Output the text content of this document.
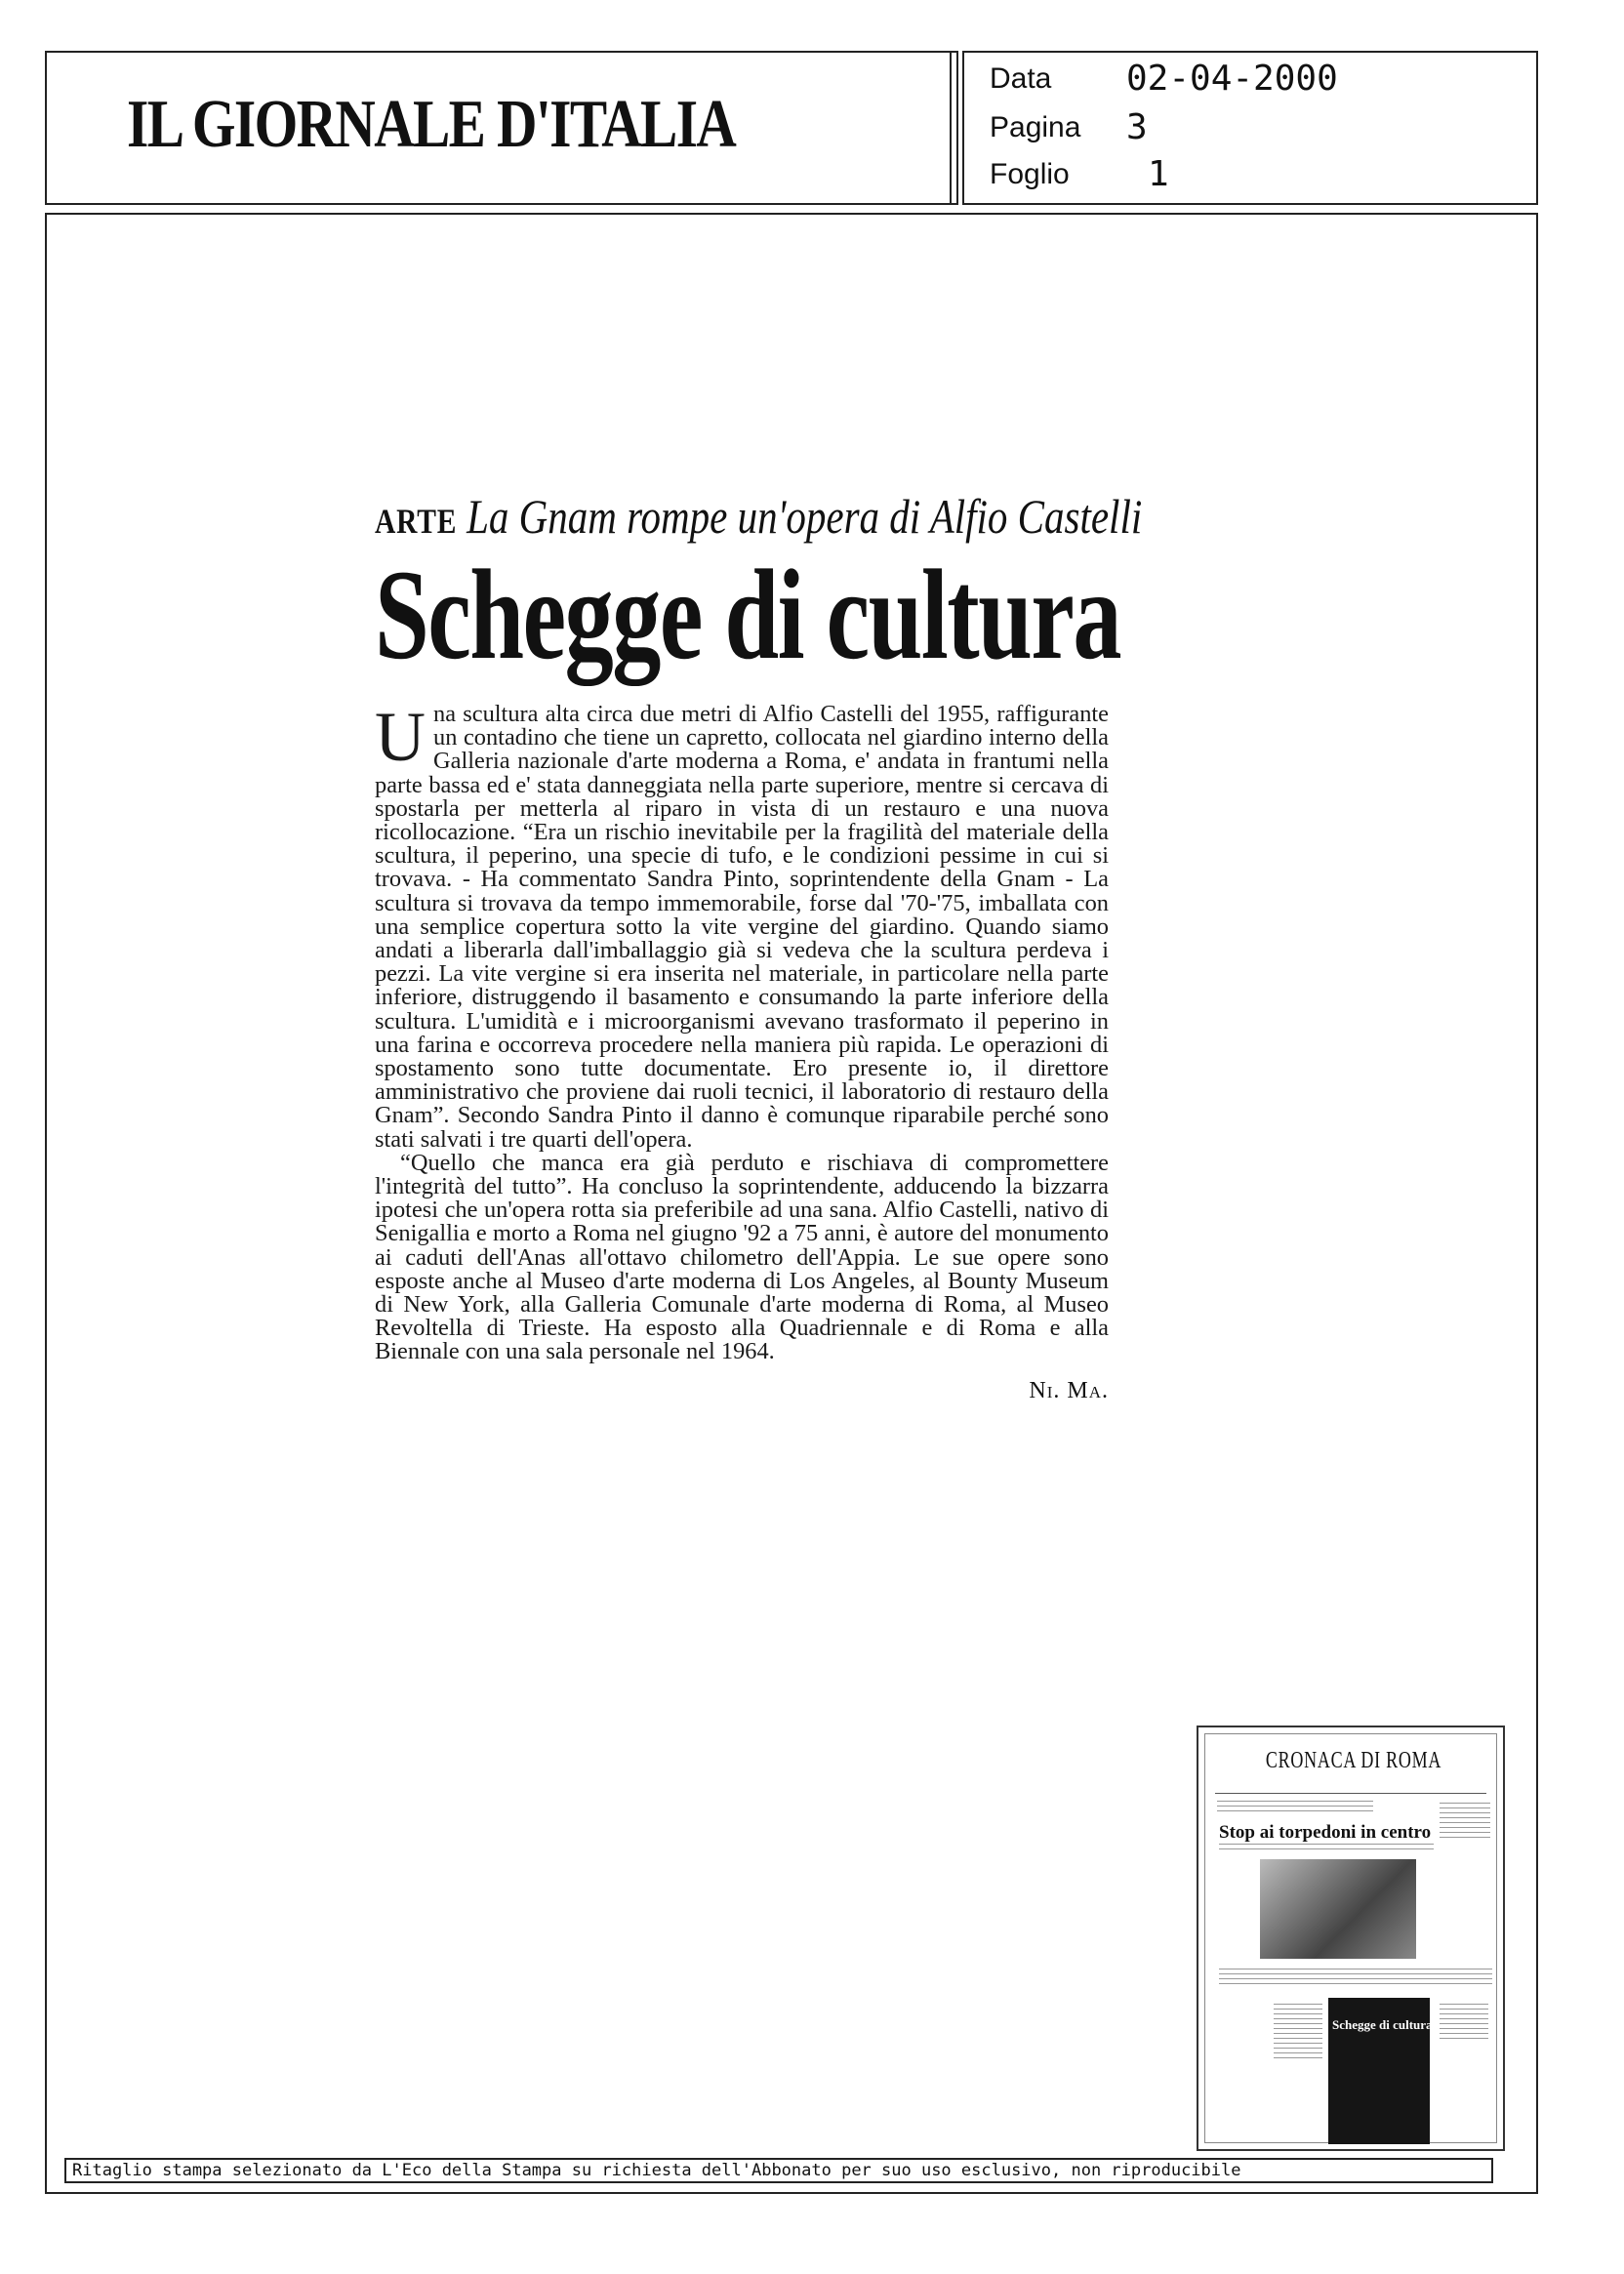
IL GIORNALE D'ITALIA
Data 02-04-2000
Pagina 3
Foglio 1
ARTE La Gnam rompe un'opera di Alfio Castelli
Schegge di cultura

Una scultura alta circa due metri di Alfio Castelli del 1955, raffigurante un contadino che tiene un capretto, collocata nel giardino interno della Galleria nazionale d'arte moderna a Roma, e' andata in frantumi nella parte bassa ed e' stata danneggiata nella parte superiore, mentre si cercava di spostarla per metterla al riparo in vista di un restauro e una nuova ricollocazione. “Era un rischio inevitabile per la fragilità del materiale della scultura, il peperino, una specie di tufo, e le condizioni pessime in cui si trovava. - Ha commentato Sandra Pinto, soprintendente della Gnam - La scultura si trovava da tempo immemorabile, forse dal '70-'75, imballata con una semplice copertura sotto la vite vergine del giardino. Quando siamo andati a liberarla dall'imballaggio già si vedeva che la scultura perdeva i pezzi. La vite vergine si era inserita nel materiale, in particolare nella parte inferiore, distruggendo il basamento e consumando la parte inferiore della scultura. L'umidità e i microorganismi avevano trasformato il peperino in una farina e occorreva procedere nella maniera più rapida. Le operazioni di spostamento sono tutte documentate. Ero presente io, il direttore amministrativo che proviene dai ruoli tecnici, il laboratorio di restauro della Gnam”. Secondo Sandra Pinto il danno è comunque riparabile perché sono stati salvati i tre quarti dell'opera.

“Quello che manca era già perduto e rischiava di compromettere l'integrità del tutto”. Ha concluso la soprintendente, adducendo la bizzarra ipotesi che un'opera rotta sia preferibile ad una sana. Alfio Castelli, nativo di Senigallia e morto a Roma nel giugno '92 a 75 anni, è autore del monumento ai caduti dell'Anas all'ottavo chilometro dell'Appia. Le sue opere sono esposte anche al Museo d'arte moderna di Los Angeles, al Bounty Museum di New York, alla Galleria Comunale d'arte moderna di Roma, al Museo Revoltella di Trieste. Ha esposto alla Quadriennale e di Roma e alla Biennale con una sala personale nel 1964.

Ni. Ma.
CRONACA DI ROMA
Stop ai torpedoni in centro
Schegge di cultura
Ritaglio stampa selezionato da L'Eco della Stampa su richiesta dell'Abbonato per suo uso esclusivo, non riproducibile
